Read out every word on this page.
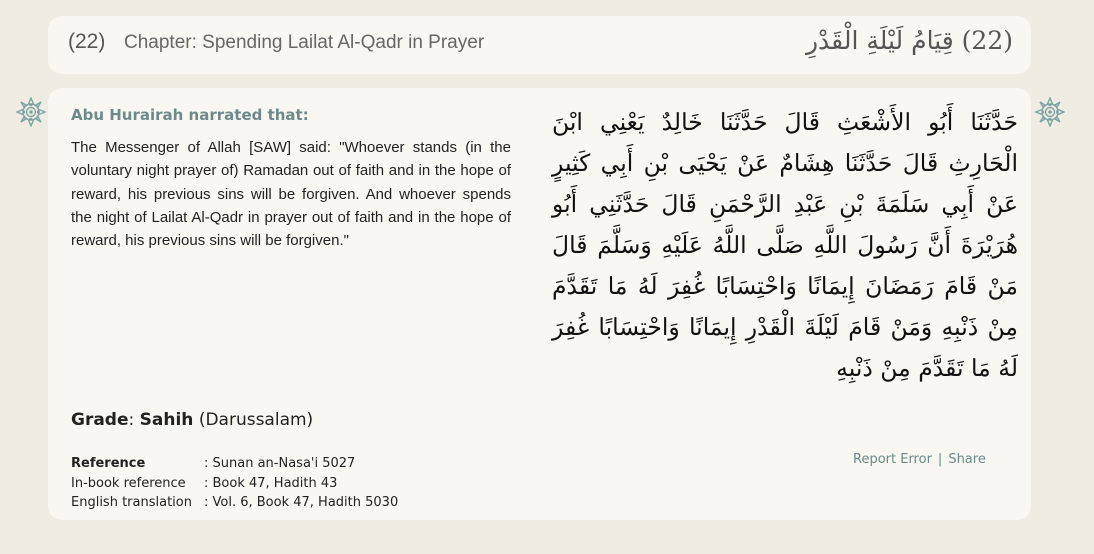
(22) Chapter: Spending Lailat Al-Qadr in Prayer	(22) قِيَامُ لَيْلَةِ الْقَدْرِ
Abu Hurairah narrated that:
The Messenger of Allah [SAW] said: "Whoever stands (in the voluntary night prayer of) Ramadan out of faith and in the hope of reward, his previous sins will be forgiven. And whoever spends the night of Lailat Al-Qadr in prayer out of faith and in the hope of reward, his previous sins will be forgiven."
حَدَّثَنَا أَبُو الأَشْعَثِ قَالَ حَدَّثَنَا خَالِدٌ يَعْنِي ابْنَ الْحَارِثِ قَالَ حَدَّثَنَا هِشَامٌ عَنْ يَحْيَى بْنِ أَبِي كَثِيرٍ عَنْ أَبِي سَلَمَةَ بْنِ عَبْدِ الرَّحْمَنِ قَالَ حَدَّثَنِي أَبُو هُرَيْرَةَ أَنَّ رَسُولَ اللَّهِ صَلَّى اللَّهُ عَلَيْهِ وَسَلَّمَ قَالَ مَنْ قَامَ رَمَضَانَ إِيمَانًا وَاحْتِسَابًا غُفِرَ لَهُ مَا تَقَدَّمَ مِنْ ذَنْبِهِ وَمَنْ قَامَ لَيْلَةَ الْقَدْرِ إِيمَانًا وَاحْتِسَابًا غُفِرَ لَهُ مَا تَقَدَّمَ مِنْ ذَنْبِهِ
Grade: Sahih (Darussalam)
Reference	: Sunan an-Nasa'i 5027
In-book reference	: Book 47, Hadith 43
English translation : Vol. 6, Book 47, Hadith 5030
Report Error | Share
